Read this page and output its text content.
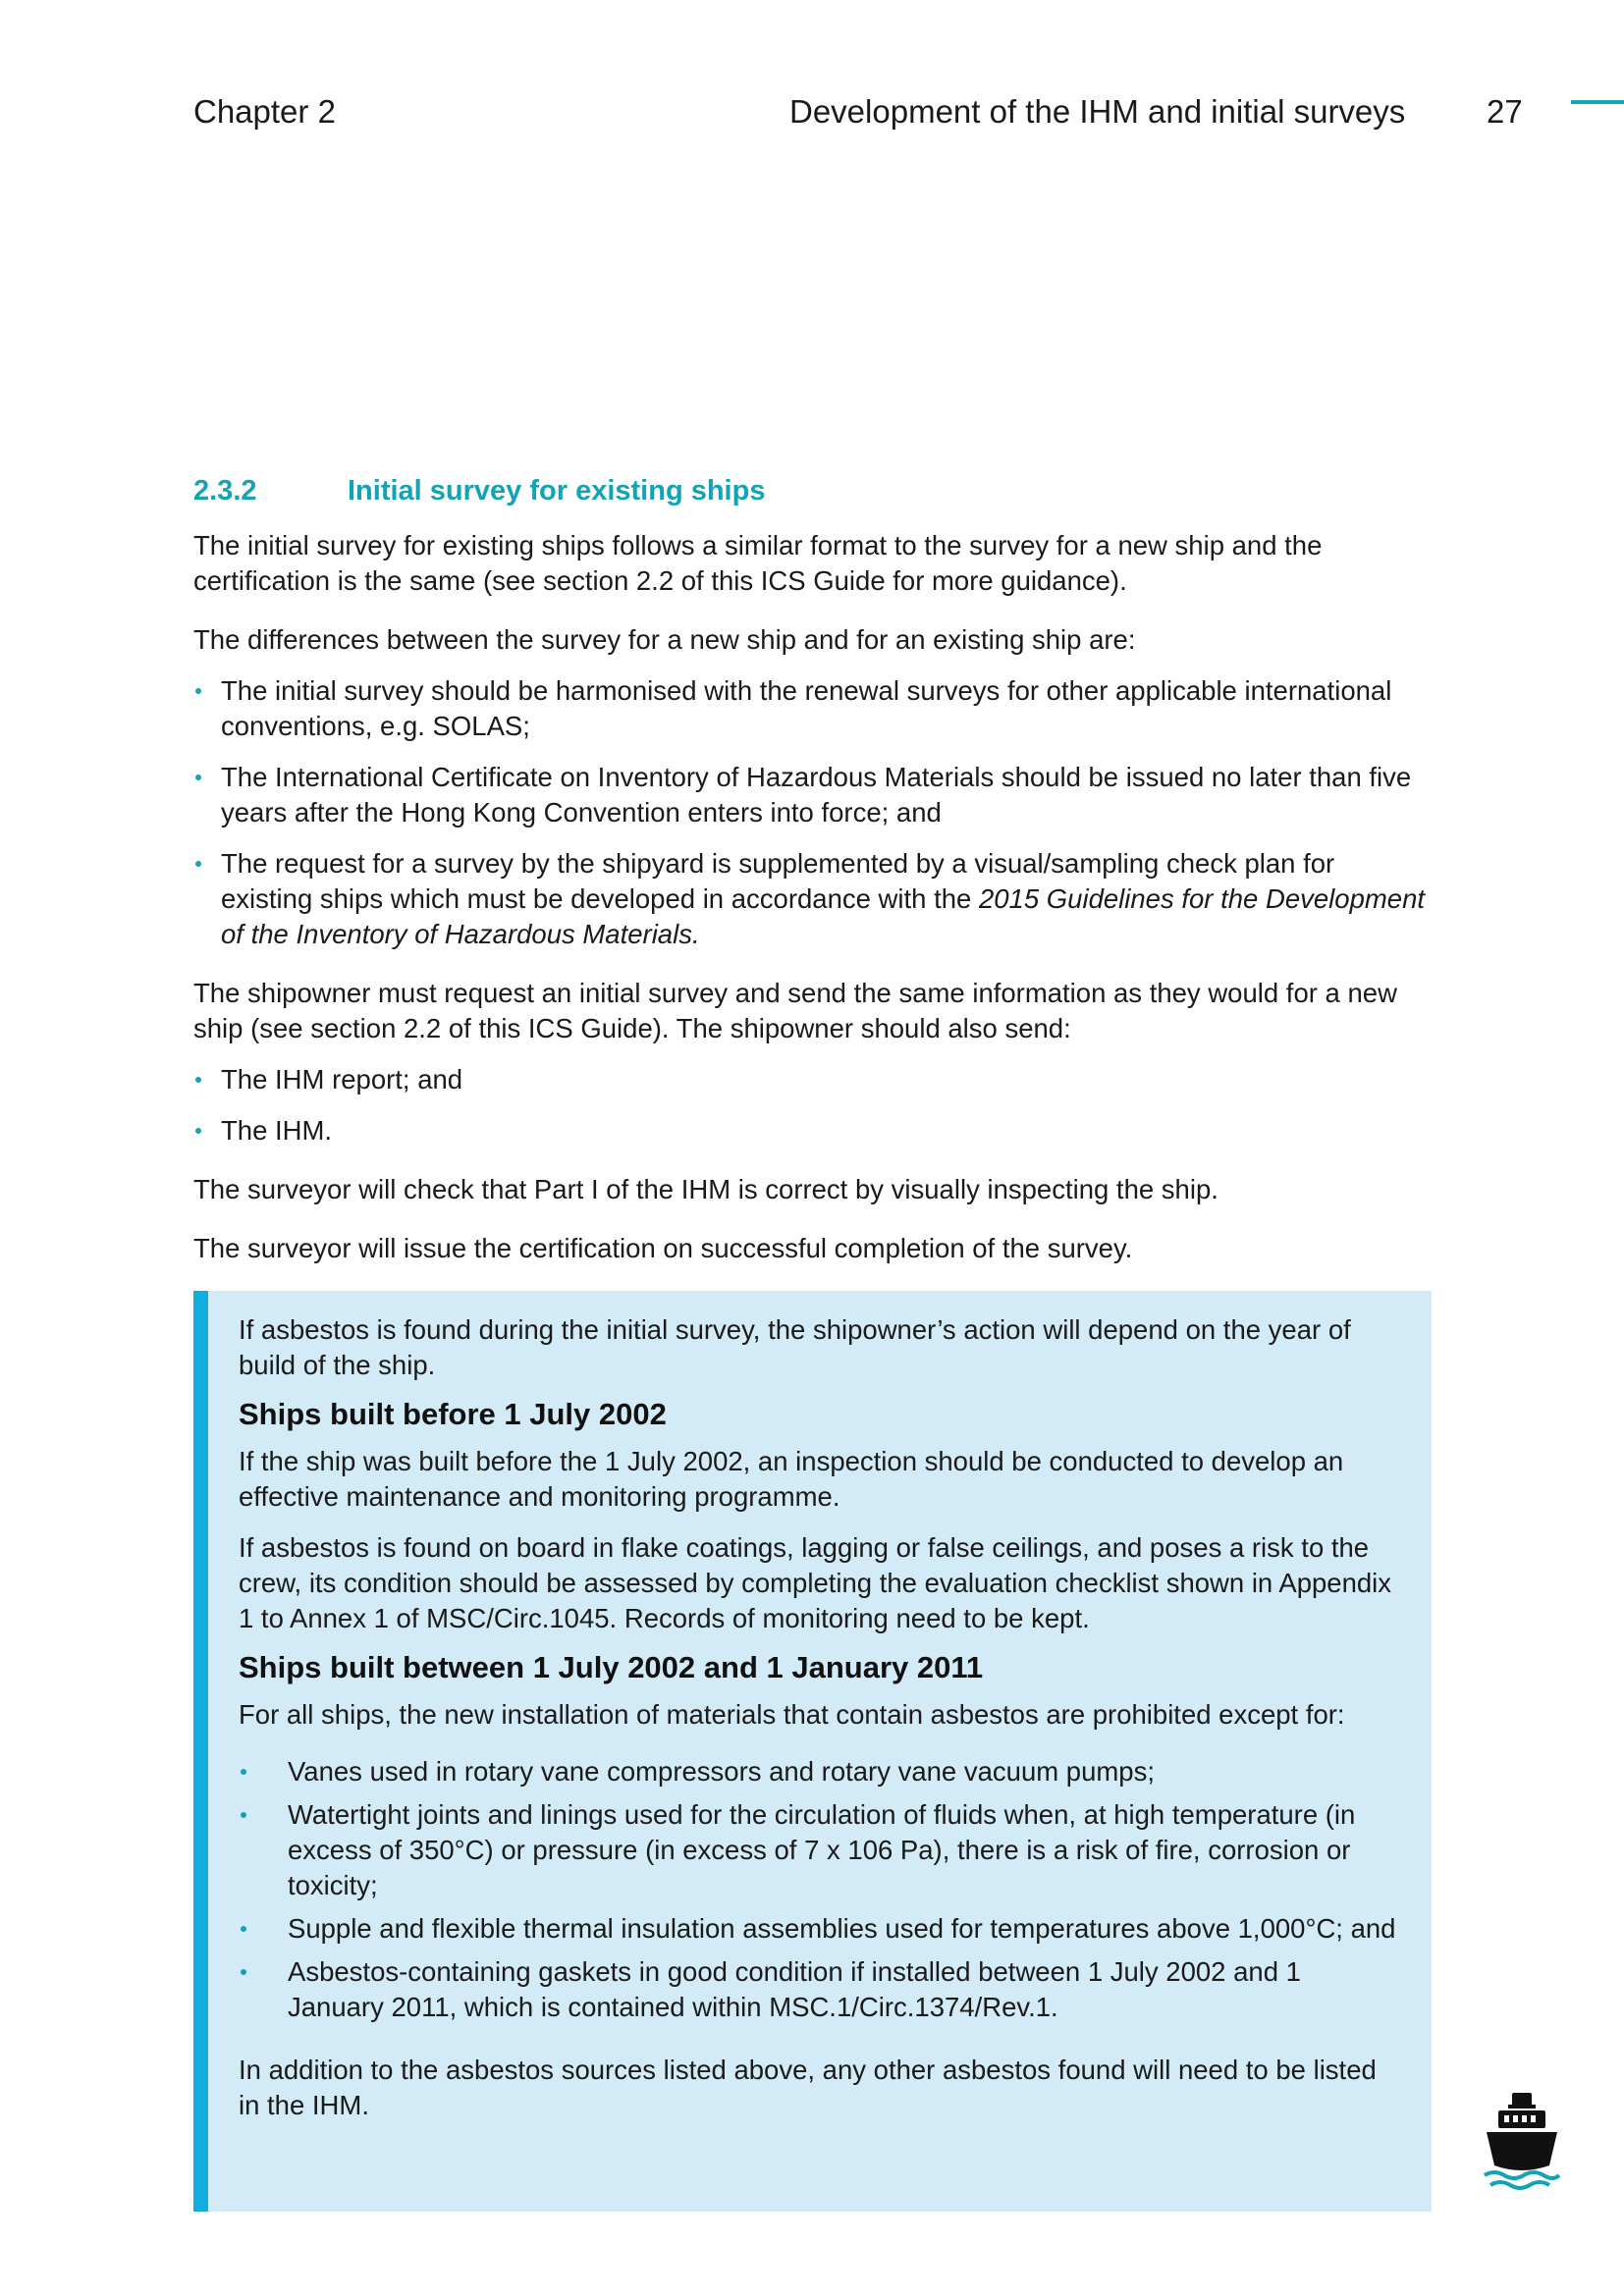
Chapter 2	Development of the IHM and initial surveys	27
2.3.2	Initial survey for existing ships

The initial survey for existing ships follows a similar format to the survey for a new ship and the certification is the same (see section 2.2 of this ICS Guide for more guidance).

The differences between the survey for a new ship and for an existing ship are:

The initial survey should be harmonised with the renewal surveys for other applicable international conventions, e.g. SOLAS;
The International Certificate on Inventory of Hazardous Materials should be issued no later than five years after the Hong Kong Convention enters into force; and
The request for a survey by the shipyard is supplemented by a visual/sampling check plan for existing ships which must be developed in accordance with the 2015 Guidelines for the Development of the Inventory of Hazardous Materials.

The shipowner must request an initial survey and send the same information as they would for a new ship (see section 2.2 of this ICS Guide). The shipowner should also send:

The IHM report; and
The IHM.

The surveyor will check that Part I of the IHM is correct by visually inspecting the ship.

The surveyor will issue the certification on successful completion of the survey.

If asbestos is found during the initial survey, the shipowner’s action will depend on the year of build of the ship.

Ships built before 1 July 2002

If the ship was built before the 1 July 2002, an inspection should be conducted to develop an effective maintenance and monitoring programme.

If asbestos is found on board in flake coatings, lagging or false ceilings, and poses a risk to the crew, its condition should be assessed by completing the evaluation checklist shown in Appendix 1 to Annex 1 of MSC/Circ.1045. Records of monitoring need to be kept.

Ships built between 1 July 2002 and 1 January 2011

For all ships, the new installation of materials that contain asbestos are prohibited except for:

Vanes used in rotary vane compressors and rotary vane vacuum pumps;
Watertight joints and linings used for the circulation of fluids when, at high temperature (in excess of 350°C) or pressure (in excess of 7 x 106 Pa), there is a risk of fire, corrosion or toxicity;
Supple and flexible thermal insulation assemblies used for temperatures above 1,000°C; and
Asbestos-containing gaskets in good condition if installed between 1 July 2002 and 1 January 2011, which is contained within MSC.1/Circ.1374/Rev.1.

In addition to the asbestos sources listed above, any other asbestos found will need to be listed in the IHM.
